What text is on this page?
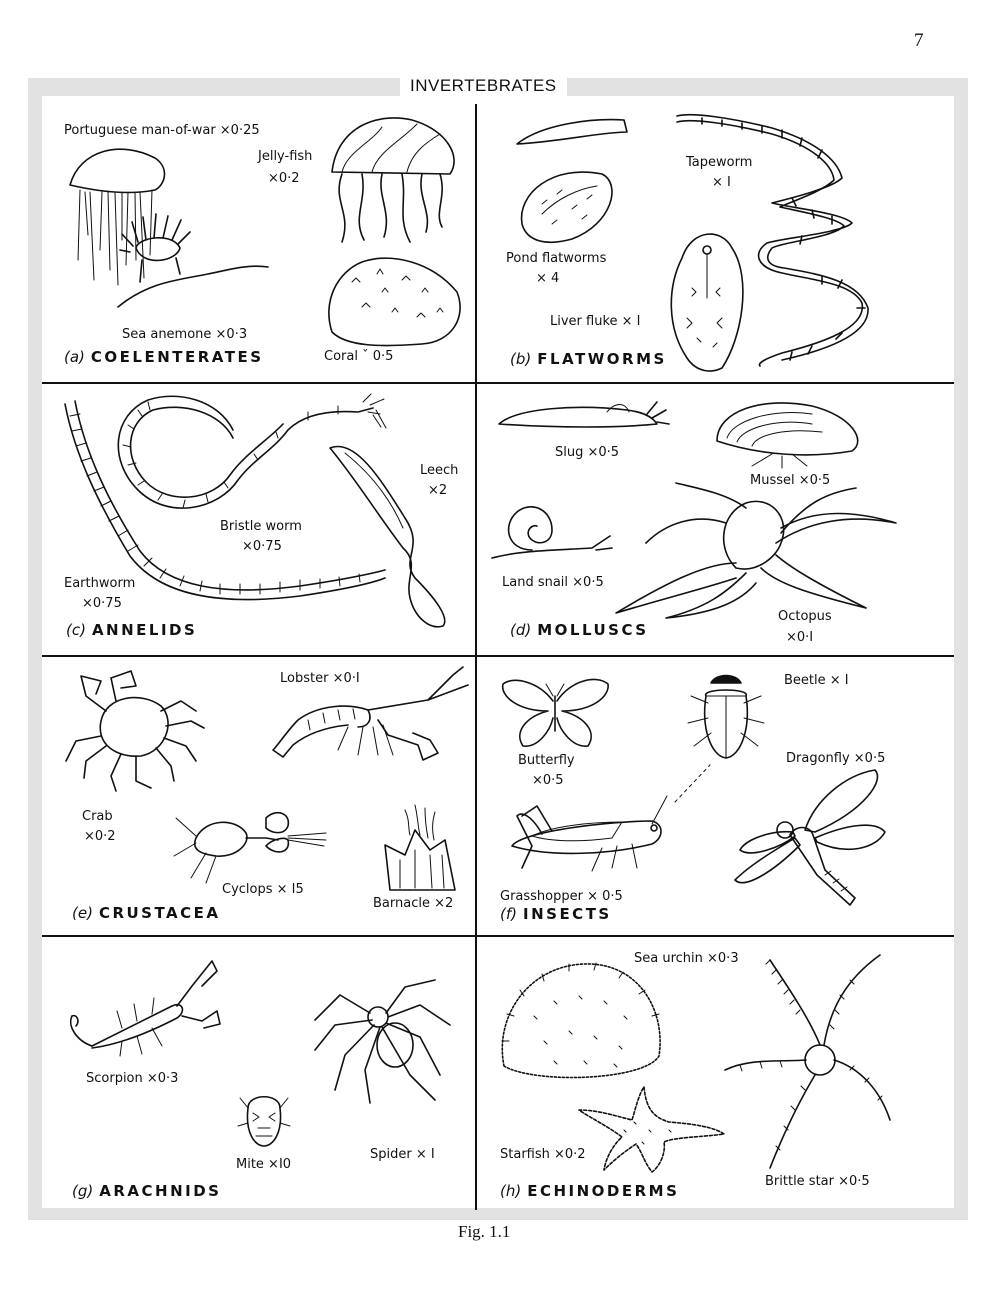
7
INVERTEBRATES
Portuguese man-of-war ×0·25
Jelly-fish
×0·2
Sea anemone ×0·3
Coral ˇ 0·5
(a) COELENTERATES
Tapeworm
× I
Pond flatworms
× 4
Liver fluke × I
(b) FLATWORMS
Leech
×2
Bristle worm
×0·75
Earthworm
×0·75
(c) ANNELIDS
Slug ×0·5
Mussel ×0·5
Land snail ×0·5
Octopus
×0·I
(d) MOLLUSCS
Lobster ×0·I
Crab
×0·2
Cyclops × I5
Barnacle ×2
(e) CRUSTACEA
Beetle × I
Butterfly
×0·5
Dragonfly ×0·5
Grasshopper × 0·5
(f) INSECTS
Scorpion ×0·3
Mite ×I0
Spider × I
(g) ARACHNIDS
Sea urchin ×0·3
Starfish ×0·2
Brittle star ×0·5
(h) ECHINODERMS
Fig. 1.1
